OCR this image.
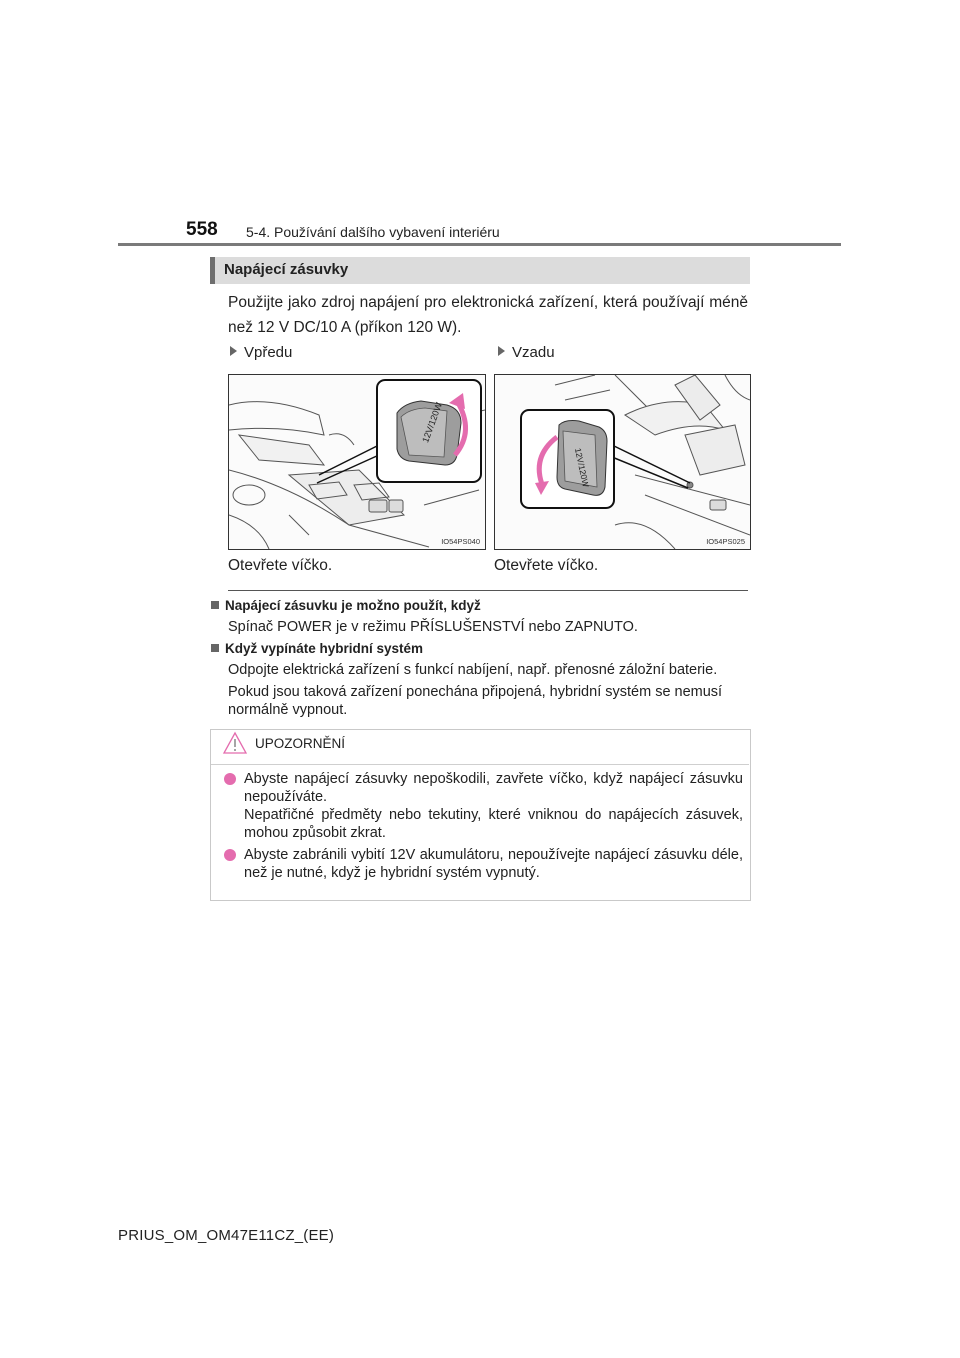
558 5-4. Používání dalšího vybavení interiéru
Napájecí zásuvky
Použijte jako zdroj napájení pro elektronická zařízení, která používají méně než 12 V DC/10 A (příkon 120 W).
Vpředu	Vzadu
12V/120W
IO54PS040
12V/120W
IO54PS025
Otevřete víčko.	Otevřete víčko.
Napájecí zásuvku je možno použít, když
Spínač POWER je v režimu PŘÍSLUŠENSTVÍ nebo ZAPNUTO.
Když vypínáte hybridní systém
Odpojte elektrická zařízení s funkcí nabíjení, např. přenosné záložní baterie.
Pokud jsou taková zařízení ponechána připojená, hybridní systém se nemusí normálně vypnout.
UPOZORNĚNÍ
Abyste napájecí zásuvky nepoškodili, zavřete víčko, když napájecí zásuvku nepoužíváte.
Nepatřičné předměty nebo tekutiny, které vniknou do napájecích zásuvek, mohou způsobit zkrat.
Abyste zabránili vybití 12V akumulátoru, nepoužívejte napájecí zásuvku déle, než je nutné, když je hybridní systém vypnutý.
PRIUS_OM_OM47E11CZ_(EE)
